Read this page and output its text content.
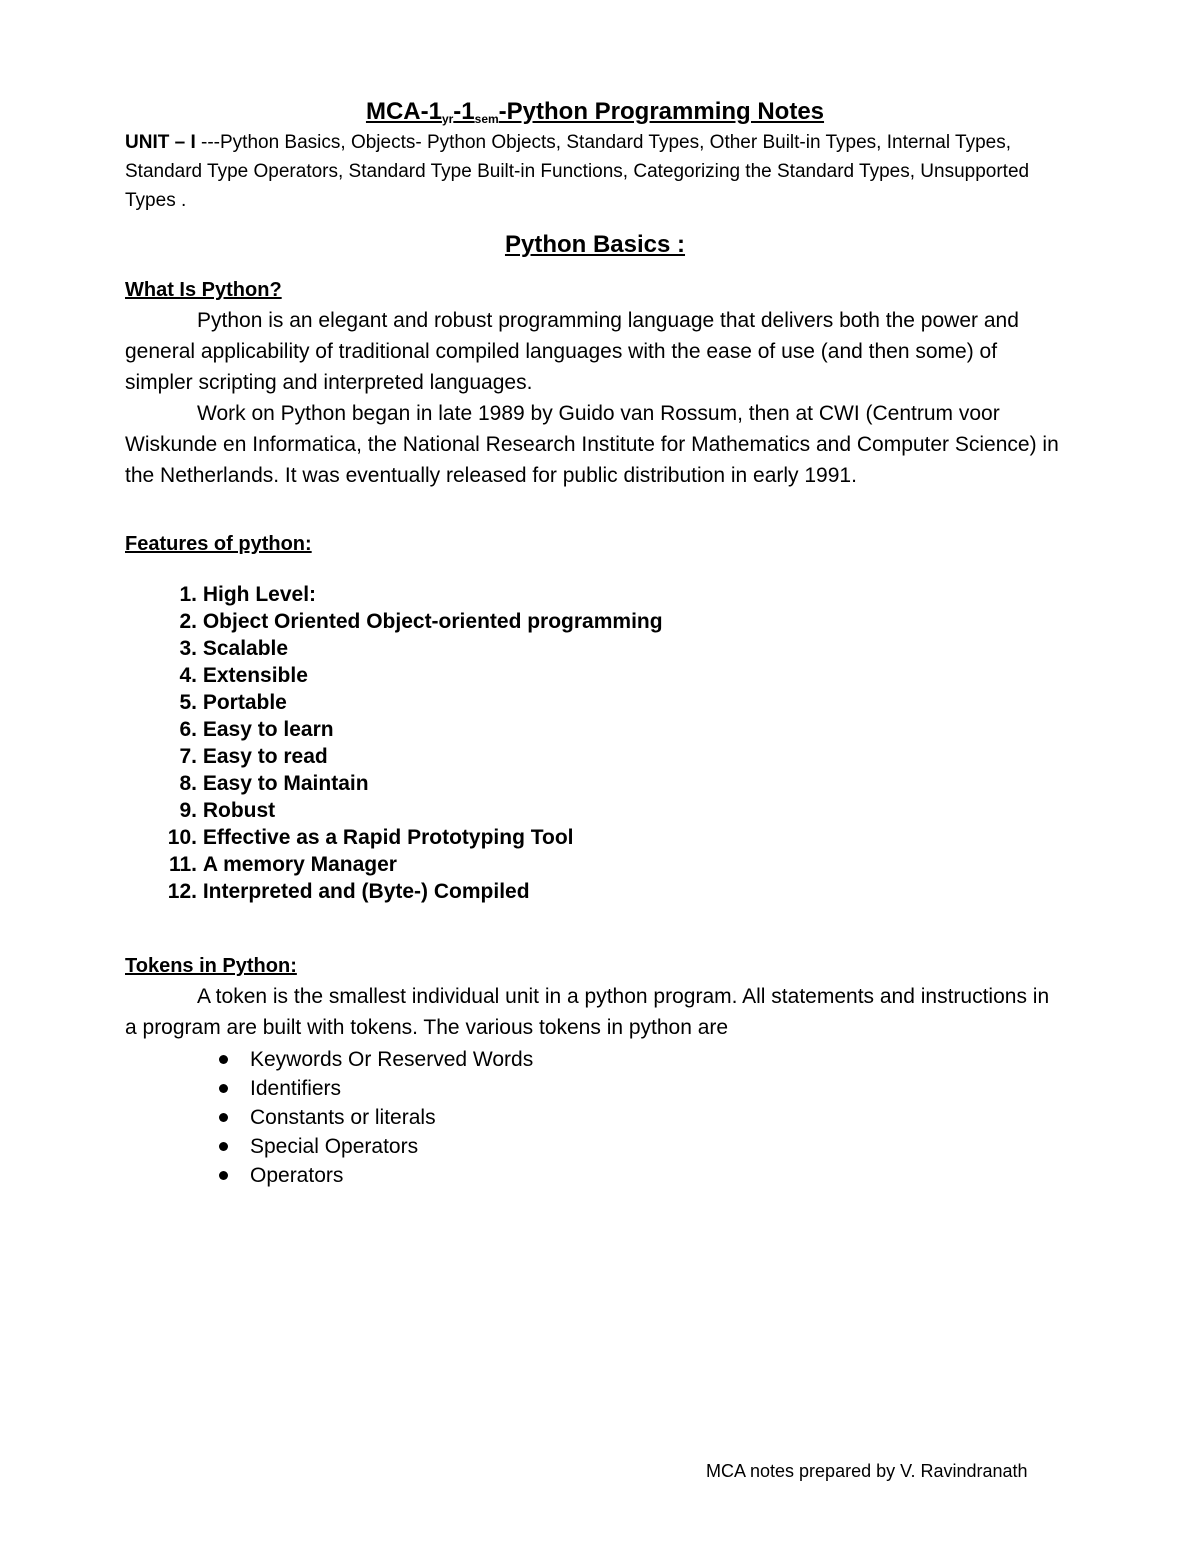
MCA-$1_{yr}-1_{sem}$-Python Programming Notes

UNIT – I ---Python Basics, Objects- Python Objects, Standard Types, Other Built-in Types, Internal Types, Standard Type Operators, Standard Type Built-in Functions, Categorizing the Standard Types, Unsupported Types .

Python Basics :
What Is Python?

Python is an elegant and robust programming language that delivers both the power and general applicability of traditional compiled languages with the ease of use (and then some) of simpler scripting and interpreted languages.

Work on Python began in late 1989 by Guido van Rossum, then at CWI (Centrum voor Wiskunde en Informatica, the National Research Institute for Mathematics and Computer Science) in the Netherlands. It was eventually released for public distribution in early 1991.

Features of python:
1.
High Level:
2.
Object Oriented Object-oriented programming
3.
Scalable
4.
Extensible
5.
Portable
6.
Easy to learn
7.
Easy to read
8.
Easy to Maintain
9.
Robust
10.
Effective as a Rapid Prototyping Tool
11.
A memory Manager
12.
Interpreted and (Byte-) Compiled
Tokens in Python:

A token is the smallest individual unit in a python program. All statements and instructions in a program are built with tokens. The various tokens in python are

Keywords Or Reserved Words
Identifiers
Constants or literals
Special Operators
Operators
MCA notes prepared by V. Ravindranath
